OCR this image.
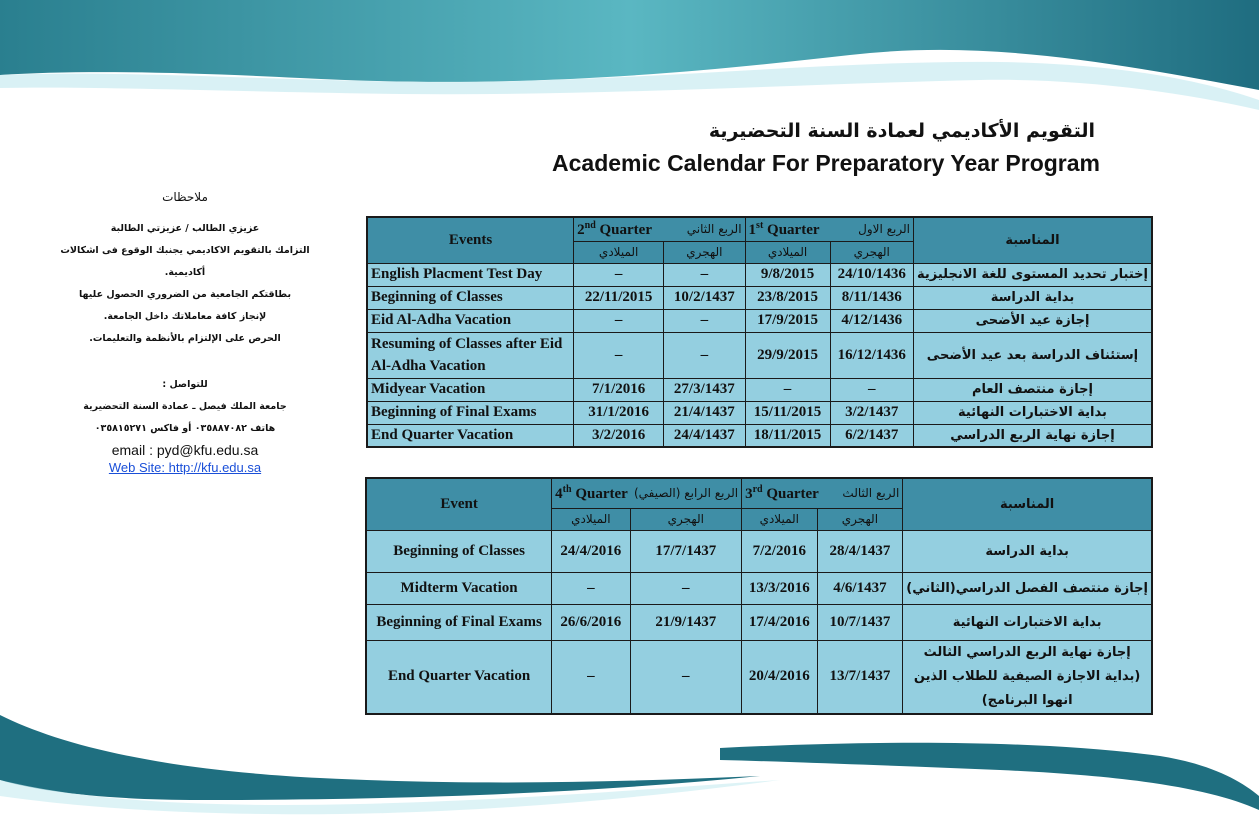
التقويم الأكاديمي لعمادة السنة التحضيرية
Academic Calendar For Preparatory Year Program
ملاحظات
عزيزي الطالب / عزيزتي الطالبة
التزامك بالتقويم الاكاديمي يجنبك الوقوع فى اشكالات أكاديمية.
بطاقتكم الجامعية من الضروري الحصول عليها
لإنجاز كافة معاملاتك داخل الجامعة.
الحرص على الإلتزام بالأنظمة والتعليمات.
للتواصل :
جامعة الملك فيصل ـ عمادة السنة التحضيرية
هاتف ٠٣٥٨٨٧٠٨٢ أو فاكس ٠٣٥٨١٥٢٧١
email : pyd@kfu.edu.sa
Web Site: http://kfu.edu.sa
Events	2nd Quarter الربع الثاني		1st Quarter الربع الاول		المناسبة
	الميلادي	الهجري	الميلادي	الهجري	
English Placment Test Day	–	–	9/8/2015	24/10/1436	إختبار تحديد المستوى للغة الانجليزية
Beginning of Classes	22/11/2015	10/2/1437	23/8/2015	8/11/1436	بداية الدراسة
Eid Al-Adha Vacation	–	–	17/9/2015	4/12/1436	إجازة عيد الأضحى
Resuming of Classes after Eid Al-Adha Vacation	–	–	29/9/2015	16/12/1436	إستئناف الدراسة بعد عيد الأضحى
Midyear Vacation	7/1/2016	27/3/1437	–	–	إجازة منتصف العام
Beginning of Final Exams	31/1/2016	21/4/1437	15/11/2015	3/2/1437	بداية الاختبارات النهائية
End Quarter Vacation	3/2/2016	24/4/1437	18/11/2015	6/2/1437	إجازة نهاية الربع الدراسي
Event	4th Quarter الربع الرابع (الصيفي)		3rd Quarter الربع الثالث		المناسبة
	الميلادي	الهجري	الميلادي	الهجري	
Beginning of Classes	24/4/2016	17/7/1437	7/2/2016	28/4/1437	بداية الدراسة
Midterm Vacation	–	–	13/3/2016	4/6/1437	إجازة منتصف الفصل الدراسي(الثاني)
Beginning of Final Exams	26/6/2016	21/9/1437	17/4/2016	10/7/1437	بداية الاختبارات النهائية
End Quarter Vacation	–	–	20/4/2016	13/7/1437	إجازة نهاية الربع الدراسي الثالث (بداية الاجازة الصيفية للطلاب الذين انهوا البرنامج)
